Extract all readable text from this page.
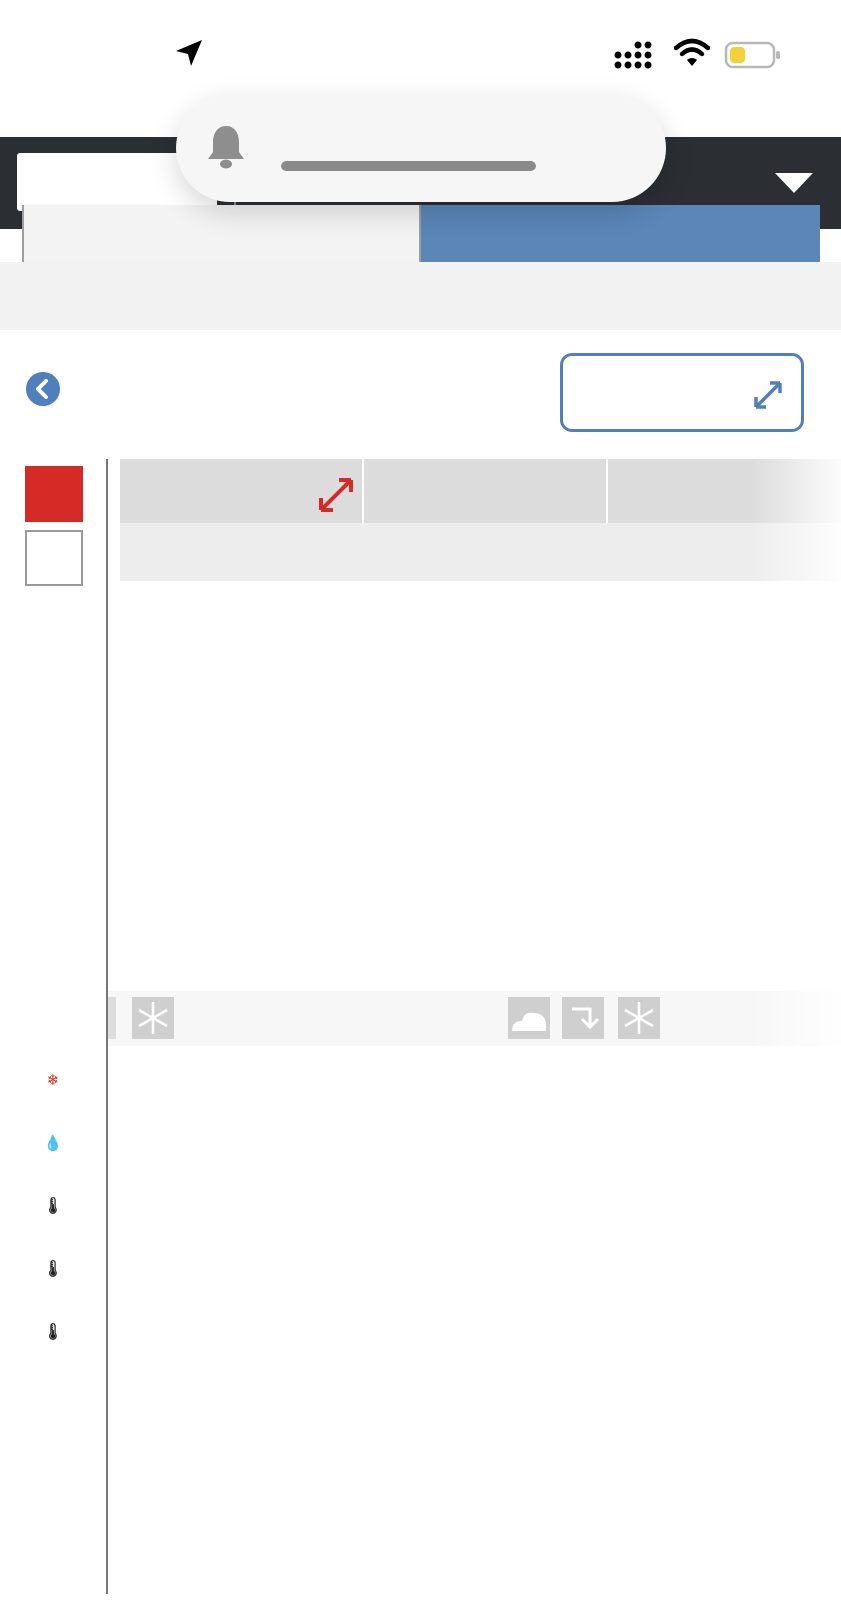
❄
💧
🌡
🌡
🌡
